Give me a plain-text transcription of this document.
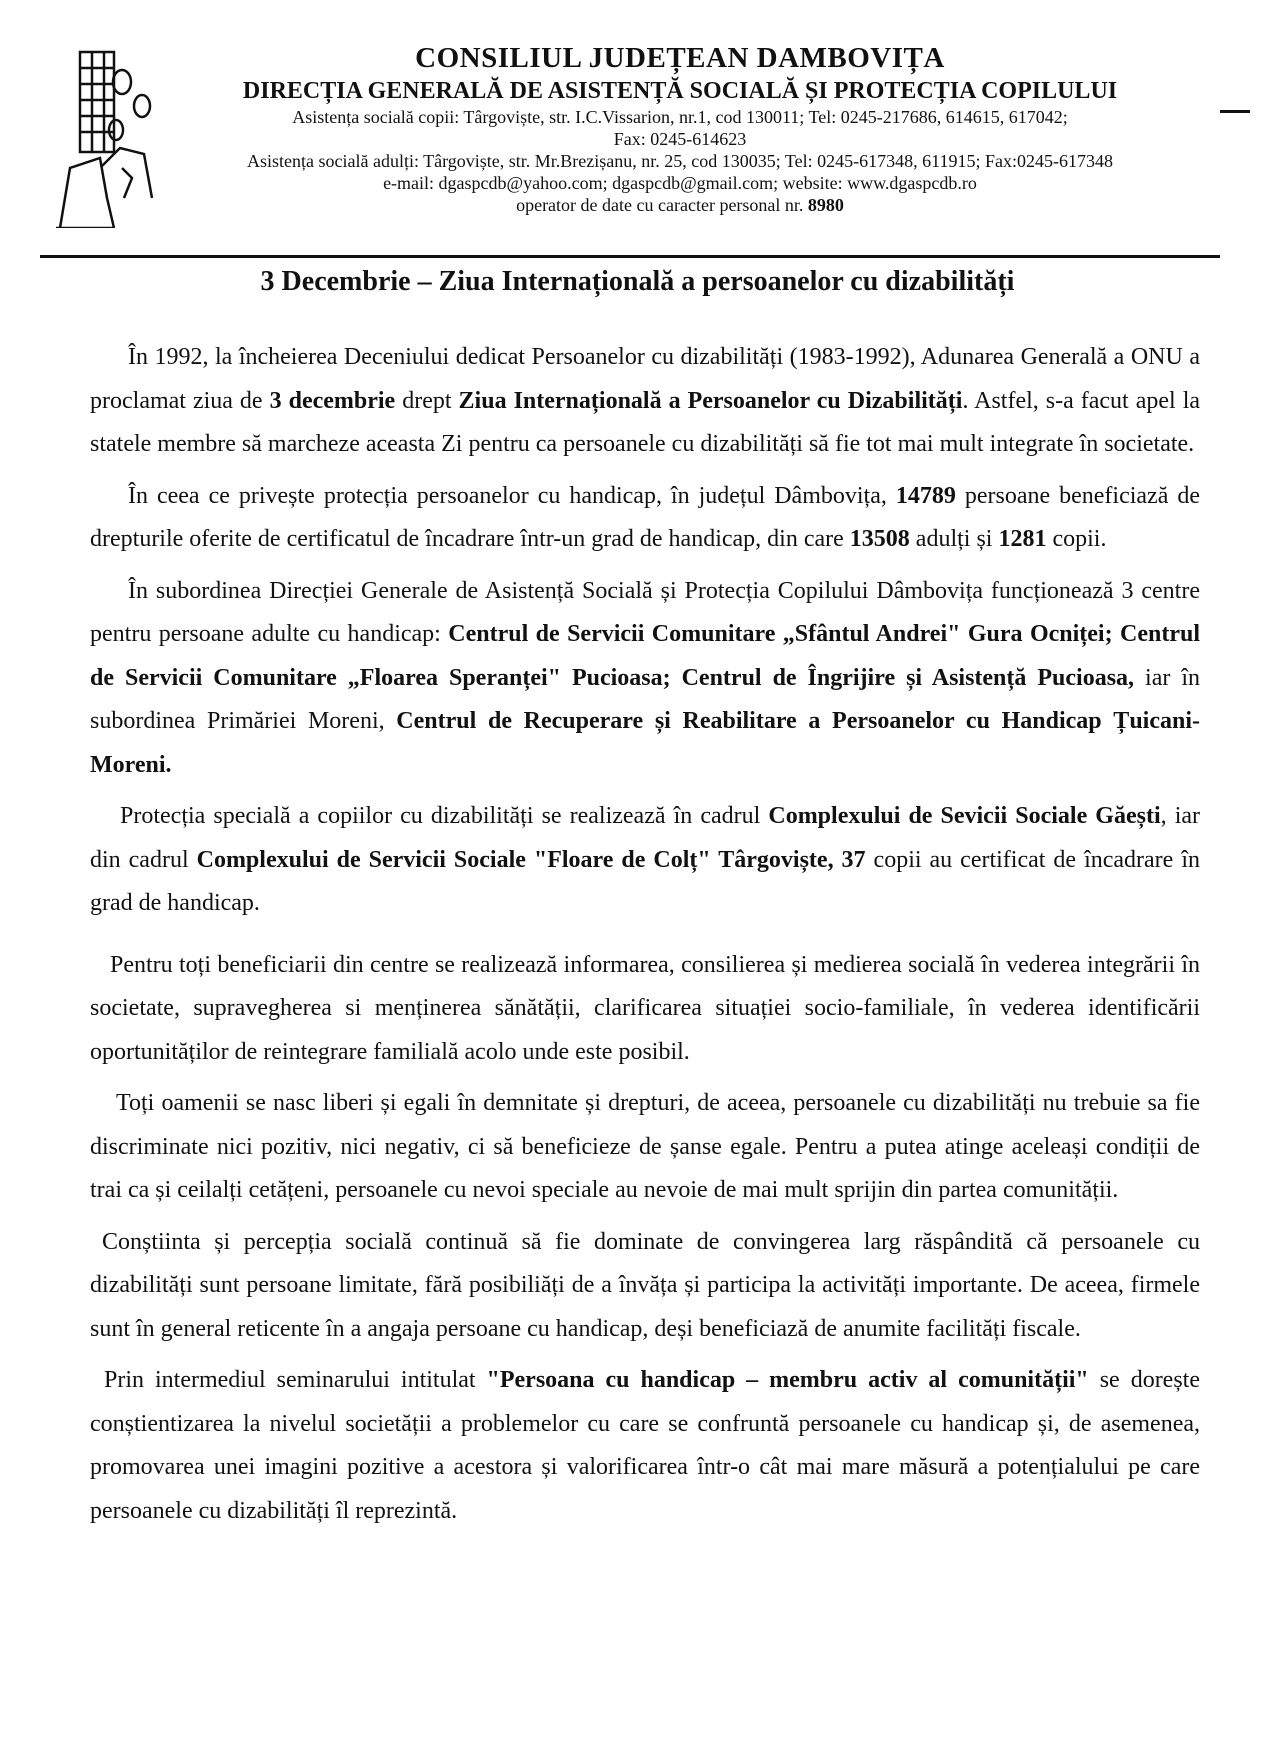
CONSILIUL JUDEȚEAN DAMBOVIȚA
DIRECȚIA GENERALĂ DE ASISTENȚĂ SOCIALĂ ȘI PROTECȚIA COPILULUI
Asistența socială copii: Târgoviște, str. I.C.Vissarion, nr.1, cod 130011; Tel: 0245-217686, 614615, 617042;
Fax: 0245-614623
Asistența socială adulți: Târgoviște, str. Mr.Brezișanu, nr. 25, cod 130035; Tel: 0245-617348, 611915; Fax:0245-617348
e-mail: dgaspcdb@yahoo.com; dgaspcdb@gmail.com; website: www.dgaspcdb.ro
operator de date cu caracter personal nr. 8980
3 Decembrie – Ziua Internațională a persoanelor cu dizabilități

În 1992, la încheierea Deceniului dedicat Persoanelor cu dizabilități (1983-1992), Adunarea Generală a ONU a proclamat ziua de 3 decembrie drept Ziua Internațională a Persoanelor cu Dizabilități. Astfel, s-a facut apel la statele membre să marcheze aceasta Zi pentru ca persoanele cu dizabilități să fie tot mai mult integrate în societate.

În ceea ce privește protecția persoanelor cu handicap, în județul Dâmbovița, 14789 persoane beneficiază de drepturile oferite de certificatul de încadrare într-un grad de handicap, din care 13508 adulți și 1281 copii.

În subordinea Direcției Generale de Asistență Socială și Protecția Copilului Dâmbovița funcționează 3 centre pentru persoane adulte cu handicap: Centrul de Servicii Comunitare „Sfântul Andrei" Gura Ocniței; Centrul de Servicii Comunitare „Floarea Speranței" Pucioasa; Centrul de Îngrijire și Asistență Pucioasa, iar în subordinea Primăriei Moreni, Centrul de Recuperare și Reabilitare a Persoanelor cu Handicap Țuicani- Moreni.

Protecția specială a copiilor cu dizabilități se realizează în cadrul Complexului de Sevicii Sociale Găești, iar din cadrul Complexului de Servicii Sociale "Floare de Colț" Târgoviște, 37 copii au certificat de încadrare în grad de handicap.

Pentru toți beneficiarii din centre se realizează informarea, consilierea și medierea socială în vederea integrării în societate, supravegherea si menținerea sănătății, clarificarea situației socio-familiale, în vederea identificării oportunităților de reintegrare familială acolo unde este posibil.

Toți oamenii se nasc liberi și egali în demnitate și drepturi, de aceea, persoanele cu dizabilități nu trebuie sa fie discriminate nici pozitiv, nici negativ, ci să beneficieze de șanse egale. Pentru a putea atinge aceleași condiții de trai ca și ceilalți cetățeni, persoanele cu nevoi speciale au nevoie de mai mult sprijin din partea comunității.

Conștiinta și percepția socială continuă să fie dominate de convingerea larg răspândită că persoanele cu dizabilități sunt persoane limitate, fără posibiliăți de a învăța și participa la activități importante. De aceea, firmele sunt în general reticente în a angaja persoane cu handicap, deși beneficiază de anumite facilități fiscale.

Prin intermediul seminarului intitulat "Persoana cu handicap – membru activ al comunității" se dorește conștientizarea la nivelul societății a problemelor cu care se confruntă persoanele cu handicap și, de asemenea, promovarea unei imagini pozitive a acestora și valorificarea într-o cât mai mare măsură a potențialului pe care persoanele cu dizabilități îl reprezintă.
